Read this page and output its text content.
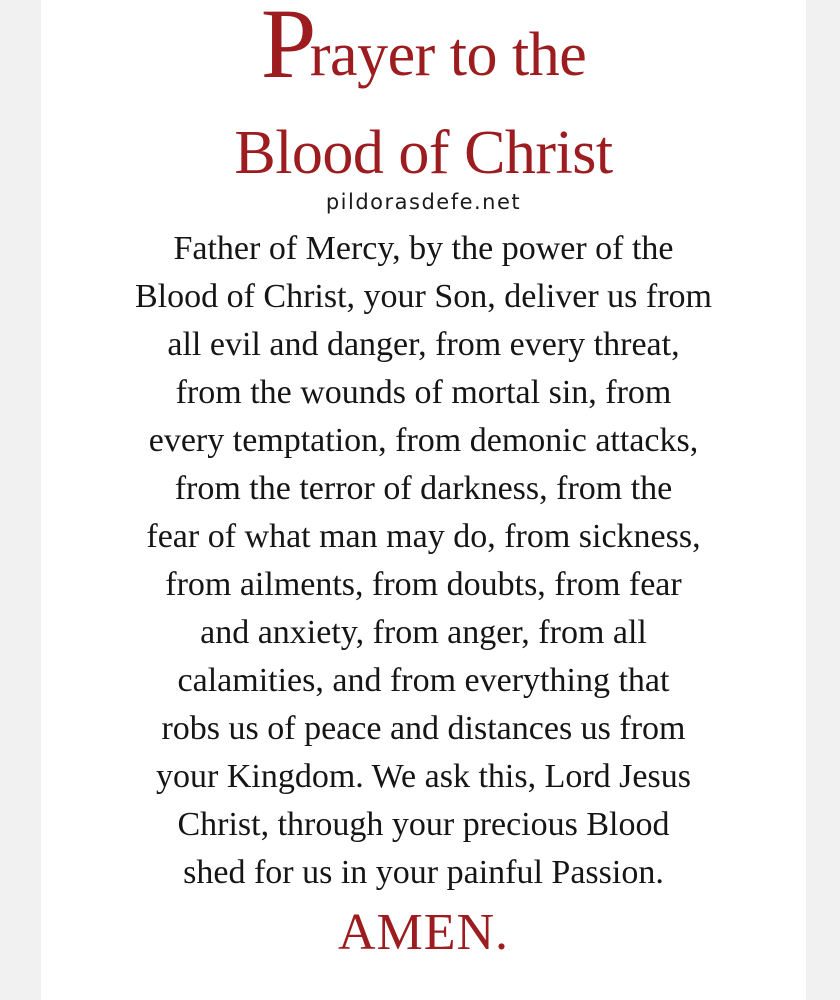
Prayer to the
Blood of Christ
pildorasdefe.net
Father of Mercy, by the power of the
Blood of Christ, your Son, deliver us from
all evil and danger, from every threat,
from the wounds of mortal sin, from
every temptation, from demonic attacks,
from the terror of darkness, from the
fear of what man may do, from sickness,
from ailments, from doubts, from fear
and anxiety, from anger, from all
calamities, and from everything that
robs us of peace and distances us from
your Kingdom. We ask this, Lord Jesus
Christ, through your precious Blood
shed for us in your painful Passion.
AMEN.
